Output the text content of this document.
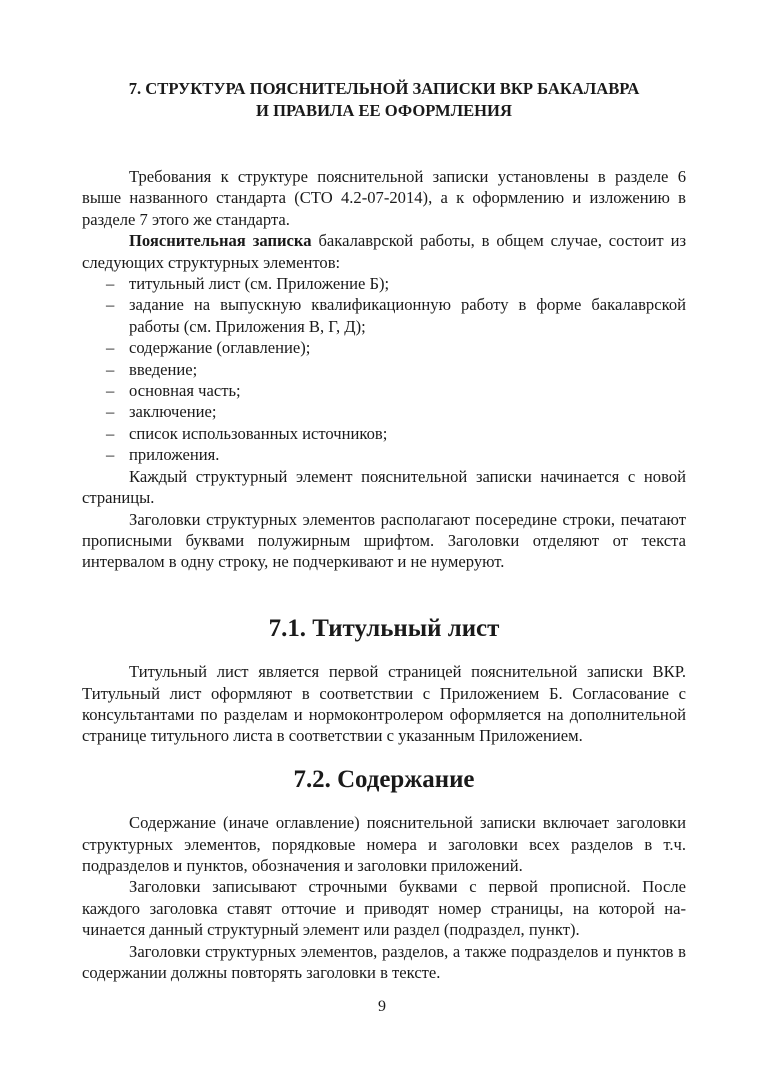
7. СТРУКТУРА ПОЯСНИТЕЛЬНОЙ ЗАПИСКИ ВКР БАКАЛАВРА
И ПРАВИЛА ЕЕ ОФОРМЛЕНИЯ

Требования к структуре пояснительной записки установлены в разделе 6 выше названного стандарта (СТО 4.2-07-2014), а к оформлению и изложению в разделе 7 этого же стандарта.

Пояснительная записка бакалаврской работы, в общем случае, состоит из следующих структурных элементов:

– титульный лист (см. Приложение Б);
– задание на выпускную квалификационную работу в форме бакалаврской работы (см. Приложения В, Г, Д);
– содержание (оглавление);
– введение;
– основная часть;
– заключение;
– список использованных источников;
– приложения.

Каждый структурный элемент пояснительной записки начинается с новой страницы.

Заголовки структурных элементов располагают посередине строки, печатают прописными буквами полужирным шрифтом. Заголовки отделяют от текста интервалом в одну строку, не подчеркивают и не нумеруют.

7.1. Титульный лист

Титульный лист является первой страницей пояснительной записки ВКР. Титульный лист оформляют в соответствии с Приложением Б. Согласование с консультантами по разделам и нормоконтролером оформляется на дополнительной странице титульного листа в соответствии с указанным Приложением.

7.2. Содержание

Содержание (иначе оглавление) пояснительной записки включает заголовки структурных элементов, порядковые номера и заголовки всех разделов в т.ч. подразделов и пунктов, обозначения и заголовки приложений.

Заголовки записывают строчными буквами с первой прописной. После каждого заголовка ставят отточие и приводят номер страницы, на которой начинается данный структурный элемент или раздел (подраздел, пункт).

Заголовки структурных элементов, разделов, а также подразделов и пунктов в содержании должны повторять заголовки в тексте.

9
